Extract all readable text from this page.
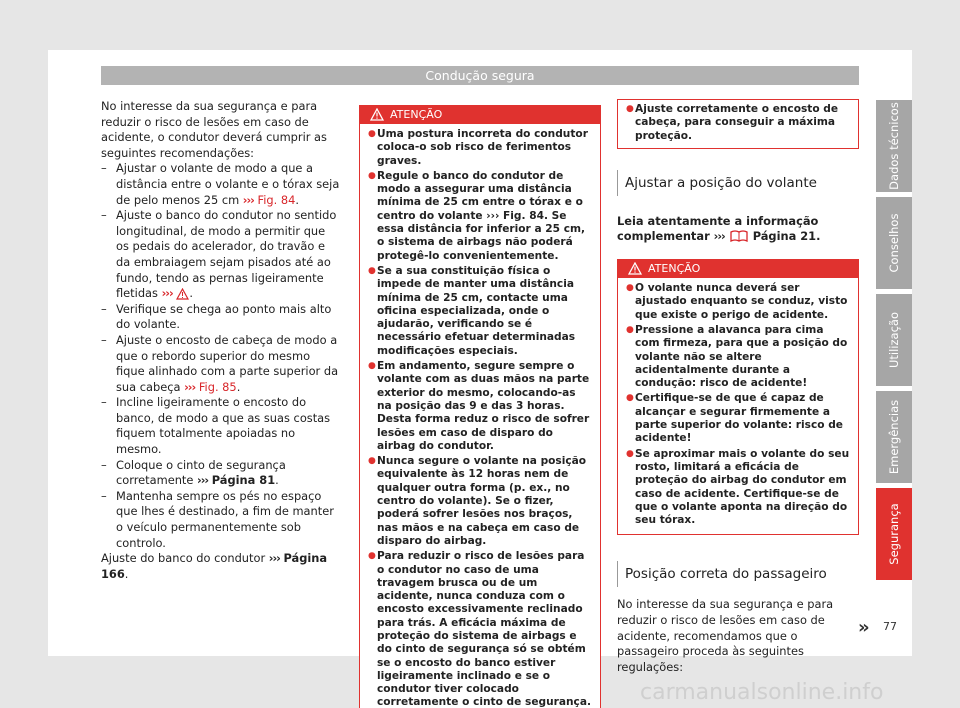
Condução segura

No interesse da sua segurança e para reduzir o risco de lesões em caso de acidente, o condutor deverá cumprir as seguintes recomendações:

– Ajustar o volante de modo a que a distância entre o volante e o tórax seja de pelo menos 25 cm ››› Fig. 84.
– Ajuste o banco do condutor no sentido longitudinal, de modo a permitir que os pedais do acelerador, do travão e da embraiagem sejam pisados até ao fundo, tendo as pernas ligeiramente fletidas ››› .
– Verifique se chega ao ponto mais alto do volante.
– Ajuste o encosto de cabeça de modo a que o rebordo superior do mesmo fique alinhado com a parte superior da sua cabeça ››› Fig. 85.
– Incline ligeiramente o encosto do banco, de modo a que as suas costas fiquem totalmente apoiadas no mesmo.
– Coloque o cinto de segurança corretamente ››› Página 81.
– Mantenha sempre os pés no espaço que lhes é destinado, a fim de manter o veículo permanentemente sob controlo.

Ajuste do banco do condutor ››› Página 166.

ATENÇÃO
● Uma postura incorreta do condutor coloca-o sob risco de ferimentos graves.
● Regule o banco do condutor de modo a assegurar uma distância mínima de 25 cm entre o tórax e o centro do volante ››› Fig. 84. Se essa distância for inferior a 25 cm, o sistema de airbags não poderá protegê-lo convenientemente.
● Se a sua constituição física o impede de manter uma distância mínima de 25 cm, contacte uma oficina especializada, onde o ajudarão, verificando se é necessário efetuar determinadas modificações especiais.
● Em andamento, segure sempre o volante com as duas mãos na parte exterior do mesmo, colocando-as na posição das 9 e das 3 horas. Desta forma reduz o risco de sofrer lesões em caso de disparo do airbag do condutor.
● Nunca segure o volante na posição equivalente às 12 horas nem de qualquer outra forma (p. ex., no centro do volante). Se o fizer, poderá sofrer lesões nos braços, nas mãos e na cabeça em caso de disparo do airbag.
● Para reduzir o risco de lesões para o condutor no caso de uma travagem brusca ou de um acidente, nunca conduza com o encosto excessivamente reclinado para trás. A eficácia máxima de proteção do sistema de airbags e do cinto de segurança só se obtém se o encosto do banco estiver ligeiramente inclinado e se o condutor tiver colocado corretamente o cinto de segurança.
● Ajuste corretamente o encosto de cabeça, para conseguir a máxima proteção.
Ajustar a posição do volante

Leia atentamente a informação complementar ››› Página 21.

ATENÇÃO
● O volante nunca deverá ser ajustado enquanto se conduz, visto que existe o perigo de acidente.
● Pressione a alavanca para cima com firmeza, para que a posição do volante não se altere acidentalmente durante a condução: risco de acidente!
● Certifique-se de que é capaz de alcançar e segurar firmemente a parte superior do volante: risco de acidente!
● Se aproximar mais o volante do seu rosto, limitará a eficácia de proteção do airbag do condutor em caso de acidente. Certifique-se de que o volante aponta na direção do seu tórax.
Posição correta do passageiro

No interesse da sua segurança e para reduzir o risco de lesões em caso de acidente, recomendamos que o passageiro proceda às seguintes regulações:

»
Dados técnicos
Conselhos
Utilização
Emergências
Segurança
77
carmanualsonline.info
